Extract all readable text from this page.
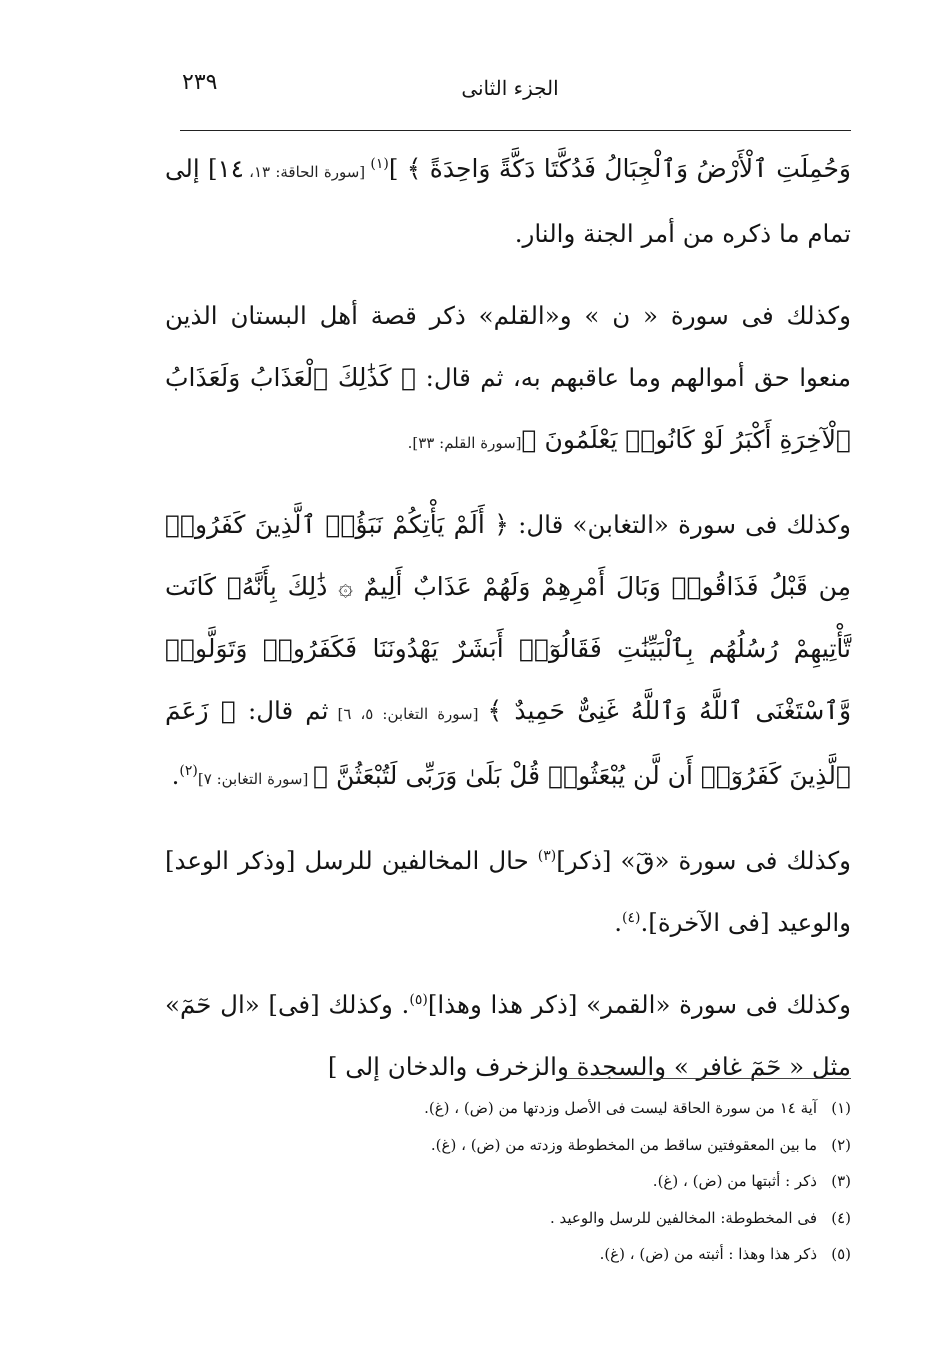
٢٣٩	الجزء الثانى

وَحُمِلَتِ ٱلْأَرْضُ وَٱلْجِبَالُ فَدُكَّتَا دَكَّةً وَاحِدَةً ﴾ ]$^{(١)}$ [سورة الحاقة: ١٣، ١٤] إلى تمام ما ذكره من أمر الجنة والنار.

وكذلك فى سورة « ن » و«القلم» ذكر قصة أهل البستان الذين منعوا حق أموالهم وما عاقبهم به، ثم قال: ﴿ كَذَٰلِكَ ٱلْعَذَابُ وَلَعَذَابُ ٱلْآخِرَةِ أَكْبَرُ لَوْ كَانُوا۟ يَعْلَمُونَ ﴾[سورة القلم: ٣٣].

وكذلك فى سورة «التغابن» قال: ﴿ أَلَمْ يَأْتِكُمْ نَبَؤُا۟ ٱلَّذِينَ كَفَرُوا۟ مِن قَبْلُ فَذَاقُوا۟ وَبَالَ أَمْرِهِمْ وَلَهُمْ عَذَابٌ أَلِيمٌ ۞ ذَٰلِكَ بِأَنَّهُۥ كَانَت تَّأْتِيهِمْ رُسُلُهُم بِٱلْبَيِّنَٰتِ فَقَالُوٓا۟ أَبَشَرٌ يَهْدُونَنَا فَكَفَرُوا۟ وَتَوَلَّوا۟ وَّٱسْتَغْنَى ٱللَّهُ وَٱللَّهُ غَنِىٌّ حَمِيدٌ ﴾ [سورة التغابن: ٥، ٦] ثم قال: ﴿ زَعَمَ ٱلَّذِينَ كَفَرُوٓا۟ أَن لَّن يُبْعَثُوا۟ قُلْ بَلَىٰ وَرَبِّى لَتُبْعَثُنَّ ﴾ [سورة التغابن: ٧]$^{(٢)}$.

وكذلك فى سورة «قٓ» [ذكر]$^{(٣)}$ حال المخالفين للرسل [وذكر الوعد] والوعيد [فى الآخرة].$^{(٤)}$.

وكذلك فى سورة «القمر» [ذكر هذا وهذا]$^{(٥)}$. وكذلك [فى] «ال حٓمٓ» مثل « حٓمٓ غافر » والسجدة والزخرف والدخان إلى ]

(١)
آية ١٤ من سورة الحاقة ليست فى الأصل وزدتها من (ض) ، (غ).
(٢)
ما بين المعقوفتين ساقط من المخطوطة وزدته من (ض) ، (غ).
(٣)
ذكر : أثبتها من (ض) ، (غ).
(٤)
فى المخطوطة: المخالفين للرسل والوعيد .
(٥)
ذكر هذا وهذا : أثبته من (ض) ، (غ).
